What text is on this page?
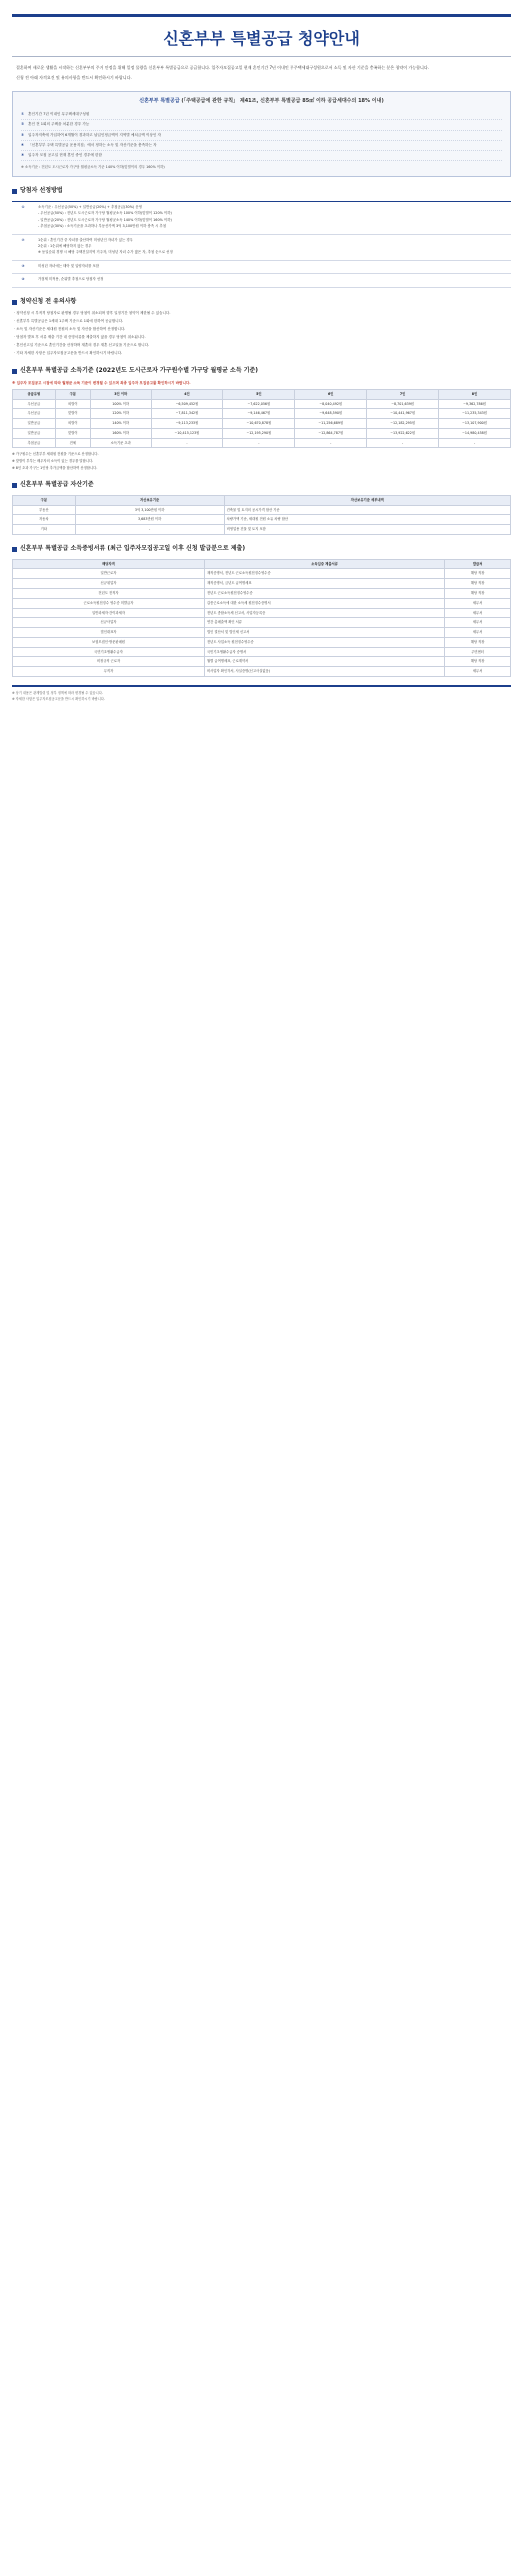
신혼부부 특별공급 청약안내

결혼하여 새로운 생활을 시작하는 신혼부부의 주거 안정을 위해 일정 물량을 신혼부부 특별공급으로 공급합니다. 입주자모집공고일 현재 혼인기간 7년 이내인 무주택세대구성원으로서 소득 및 자산 기준을 충족하는 분은 청약이 가능합니다.

신청 전 아래 자격요건 및 유의사항을 반드시 확인하시기 바랍니다.

신혼부부 특별공급 (「주택공급에 관한 규칙」 제41조, 신혼부부 특별공급 85㎡ 이하 공급세대수의 18% 이내)
① 혼인기간 7년 이내인 무주택세대구성원
② 혼인 전 1회의 주택을 처분한 경우 가능
③ 입주자저축에 가입하여 6개월이 경과하고 납입인정금액이 지역별 예치금액 이상인 자
④ 「신혼부부 주택 특별공급 운용지침」에서 정하는 소득 및 자산기준을 충족하는 자
⑤ 입주자 모집 공고일 현재 혼인 중인 경우에 한함
※ 소득기준 : 전년도 도시근로자 가구당 월평균소득 기준 140% 이하(맞벌이의 경우 160% 이하)
당첨자 선정방법
①	소득기준 : 우선공급(50%) + 일반공급(20%) + 추첨공급(30%) 운영
- 우선공급(50%) : 전년도 도시근로자 가구당 월평균소득 100% 이하(맞벌이 120% 이하)
- 일반공급(20%) : 전년도 도시근로자 가구당 월평균소득 140% 이하(맞벌이 160% 이하)
- 추첨공급(30%) : 소득기준을 초과하나 부동산가액 3억 3,100만원 이하 충족 시 추첨

②	1순위 : 혼인기간 중 자녀를 출산하여 미성년인 자녀가 있는 경우
2순위 : 1순위에 해당하지 않는 경우
※ 동일순위 경쟁 시 해당 주택건설지역 거주자, 미성년 자녀 수가 많은 자, 추첨 순으로 선정

③	미성년 자녀에는 태아 및 입양자녀를 포함

④	가점제 미적용, 순위별 추첨으로 당첨자 선정
청약신청 전 유의사항
· 청약신청 시 부적격 당첨자로 판명될 경우 당첨이 취소되며 향후 일정기간 청약이 제한될 수 있습니다.
· 신혼부부 특별공급은 1세대 1주택 기준으로 1회에 한하여 공급합니다.
· 소득 및 자산기준은 세대원 전원의 소득 및 자산을 합산하여 산정합니다.
· 당첨자 발표 후 서류 제출 기간 내 증빙서류를 제출하지 않을 경우 당첨이 취소됩니다.
· 혼인신고일 기준으로 혼인기간을 산정하며 재혼의 경우 재혼 신고일을 기준으로 합니다.
· 기타 자세한 사항은 입주자모집공고문을 반드시 확인하시기 바랍니다.
신혼부부 특별공급 소득기준 (2022년도 도시근로자 가구원수별 가구당 월평균 소득 기준)
※ 입주자 모집공고 시점에 따라 월평균 소득 기준이 변경될 수 있으며 최종 입주자 모집공고를 확인하시기 바랍니다.
공급유형	구분	3인 이하	4인	5인	6인	7인	8인
우선공급	외벌이	100% 이하	~6,509,452원	~7,622,056원	~8,040,492원	~8,701,639원	~9,362,786원
우선공급	맞벌이	120% 이하	~7,811,342원	~9,146,467원	~9,648,590원	~10,441,967원	~11,235,343원
일반공급	외벌이	140% 이하	~9,113,233원	~10,670,878원	~11,256,689원	~12,182,295원	~13,107,900원
일반공급	맞벌이	160% 이하	~10,415,123원	~12,195,290원	~12,864,787원	~13,922,622원	~14,980,458원
추첨공급	전체	소득기준 초과	-	-	-	-	-

※ 가구원수는 신혼부부 세대원 전원을 기준으로 산정합니다.

※ 맞벌이 부부는 배우자의 소득이 있는 경우를 말합니다.

※ 8인 초과 가구는 1인당 추가금액을 합산하여 산정합니다.

신혼부부 특별공급 자산기준
구분	자산보유기준	자산보유기준 세부내역
부동산	3억 3,100만원 이하	건축물 및 토지의 공시가격 합산 기준
자동차	3,683만원 이하	차량가액 기준, 세대원 전원 소유 차량 합산
기타	-	비영업용 건물 및 토지 포함
신혼부부 특별공급 소득증빙서류 (최근 입주자모집공고일 이후 신청 발급분으로 제출)
해당자격	소득입증 제출서류	발급처
일반근로자	재직증명서, 전년도 근로소득원천징수영수증	해당 직장
신규취업자	재직증명서, 금년도 급여명세표	해당 직장
전년도 전직자	전년도 근로소득원천징수영수증	해당 직장
근로소득원천징수 영수증 미발급자	갑종근로소득에 대한 소득세 원천징수증명서	세무서
일반과세자·간이과세자	전년도 종합소득세 신고서, 사업자등록증	세무서
신규사업자	연간 총매출액 확인 서류	세무서
법인대표자	법인 결산서 및 법인세 신고서	세무서
보험모집인·방문판매원	전년도 사업소득 원천징수영수증	해당 직장
국민기초생활수급자	국민기초생활수급자 증명서	주민센터
비정규직 근로자	월별 급여명세표, 근로계약서	해당 직장
무직자	비사업자 확인각서, 사실증명(신고사실없음)	세무서

※ 상기 내용은 관계법령 및 정부 정책에 따라 변경될 수 있습니다.

※ 자세한 사항은 입주자모집공고문을 반드시 확인하시기 바랍니다.
